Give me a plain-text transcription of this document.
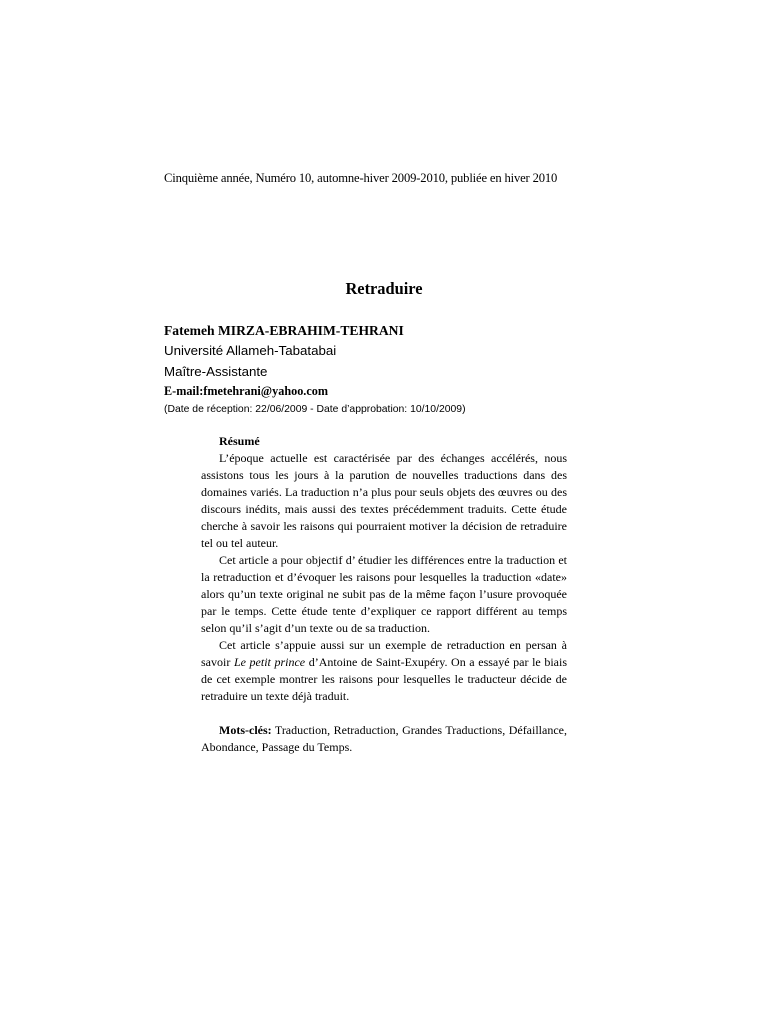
Cinquième année, Numéro 10, automne-hiver 2009-2010, publiée en hiver 2010
Retraduire
Fatemeh MIRZA-EBRAHIM-TEHRANI
Université Allameh-Tabatabai
Maître-Assistante
E-mail:fmetehrani@yahoo.com
(Date de réception: 22/06/2009 - Date d’approbation: 10/10/2009)
Résumé

L’époque actuelle est caractérisée par des échanges accélérés, nous assistons tous les jours à la parution de nouvelles traductions dans des domaines variés. La traduction n’a plus pour seuls objets des œuvres ou des discours inédits, mais aussi des textes précédemment traduits. Cette étude cherche à savoir les raisons qui pourraient motiver la décision de retraduire tel ou tel auteur.

Cet article a pour objectif d’ étudier les différences entre la traduction et la retraduction et d’évoquer les raisons pour lesquelles la traduction «date» alors qu’un texte original ne subit pas de la même façon l’usure provoquée par le temps. Cette étude tente d’expliquer ce rapport différent au temps selon qu’il s’agit d’un texte ou de sa traduction.

Cet article s’appuie aussi sur un exemple de retraduction en persan à savoir Le petit prince d’Antoine de Saint-Exupéry. On a essayé par le biais de cet exemple montrer les raisons pour lesquelles le traducteur décide de retraduire un texte déjà traduit.

Mots-clés: Traduction, Retraduction, Grandes Traductions, Défaillance, Abondance, Passage du Temps.
